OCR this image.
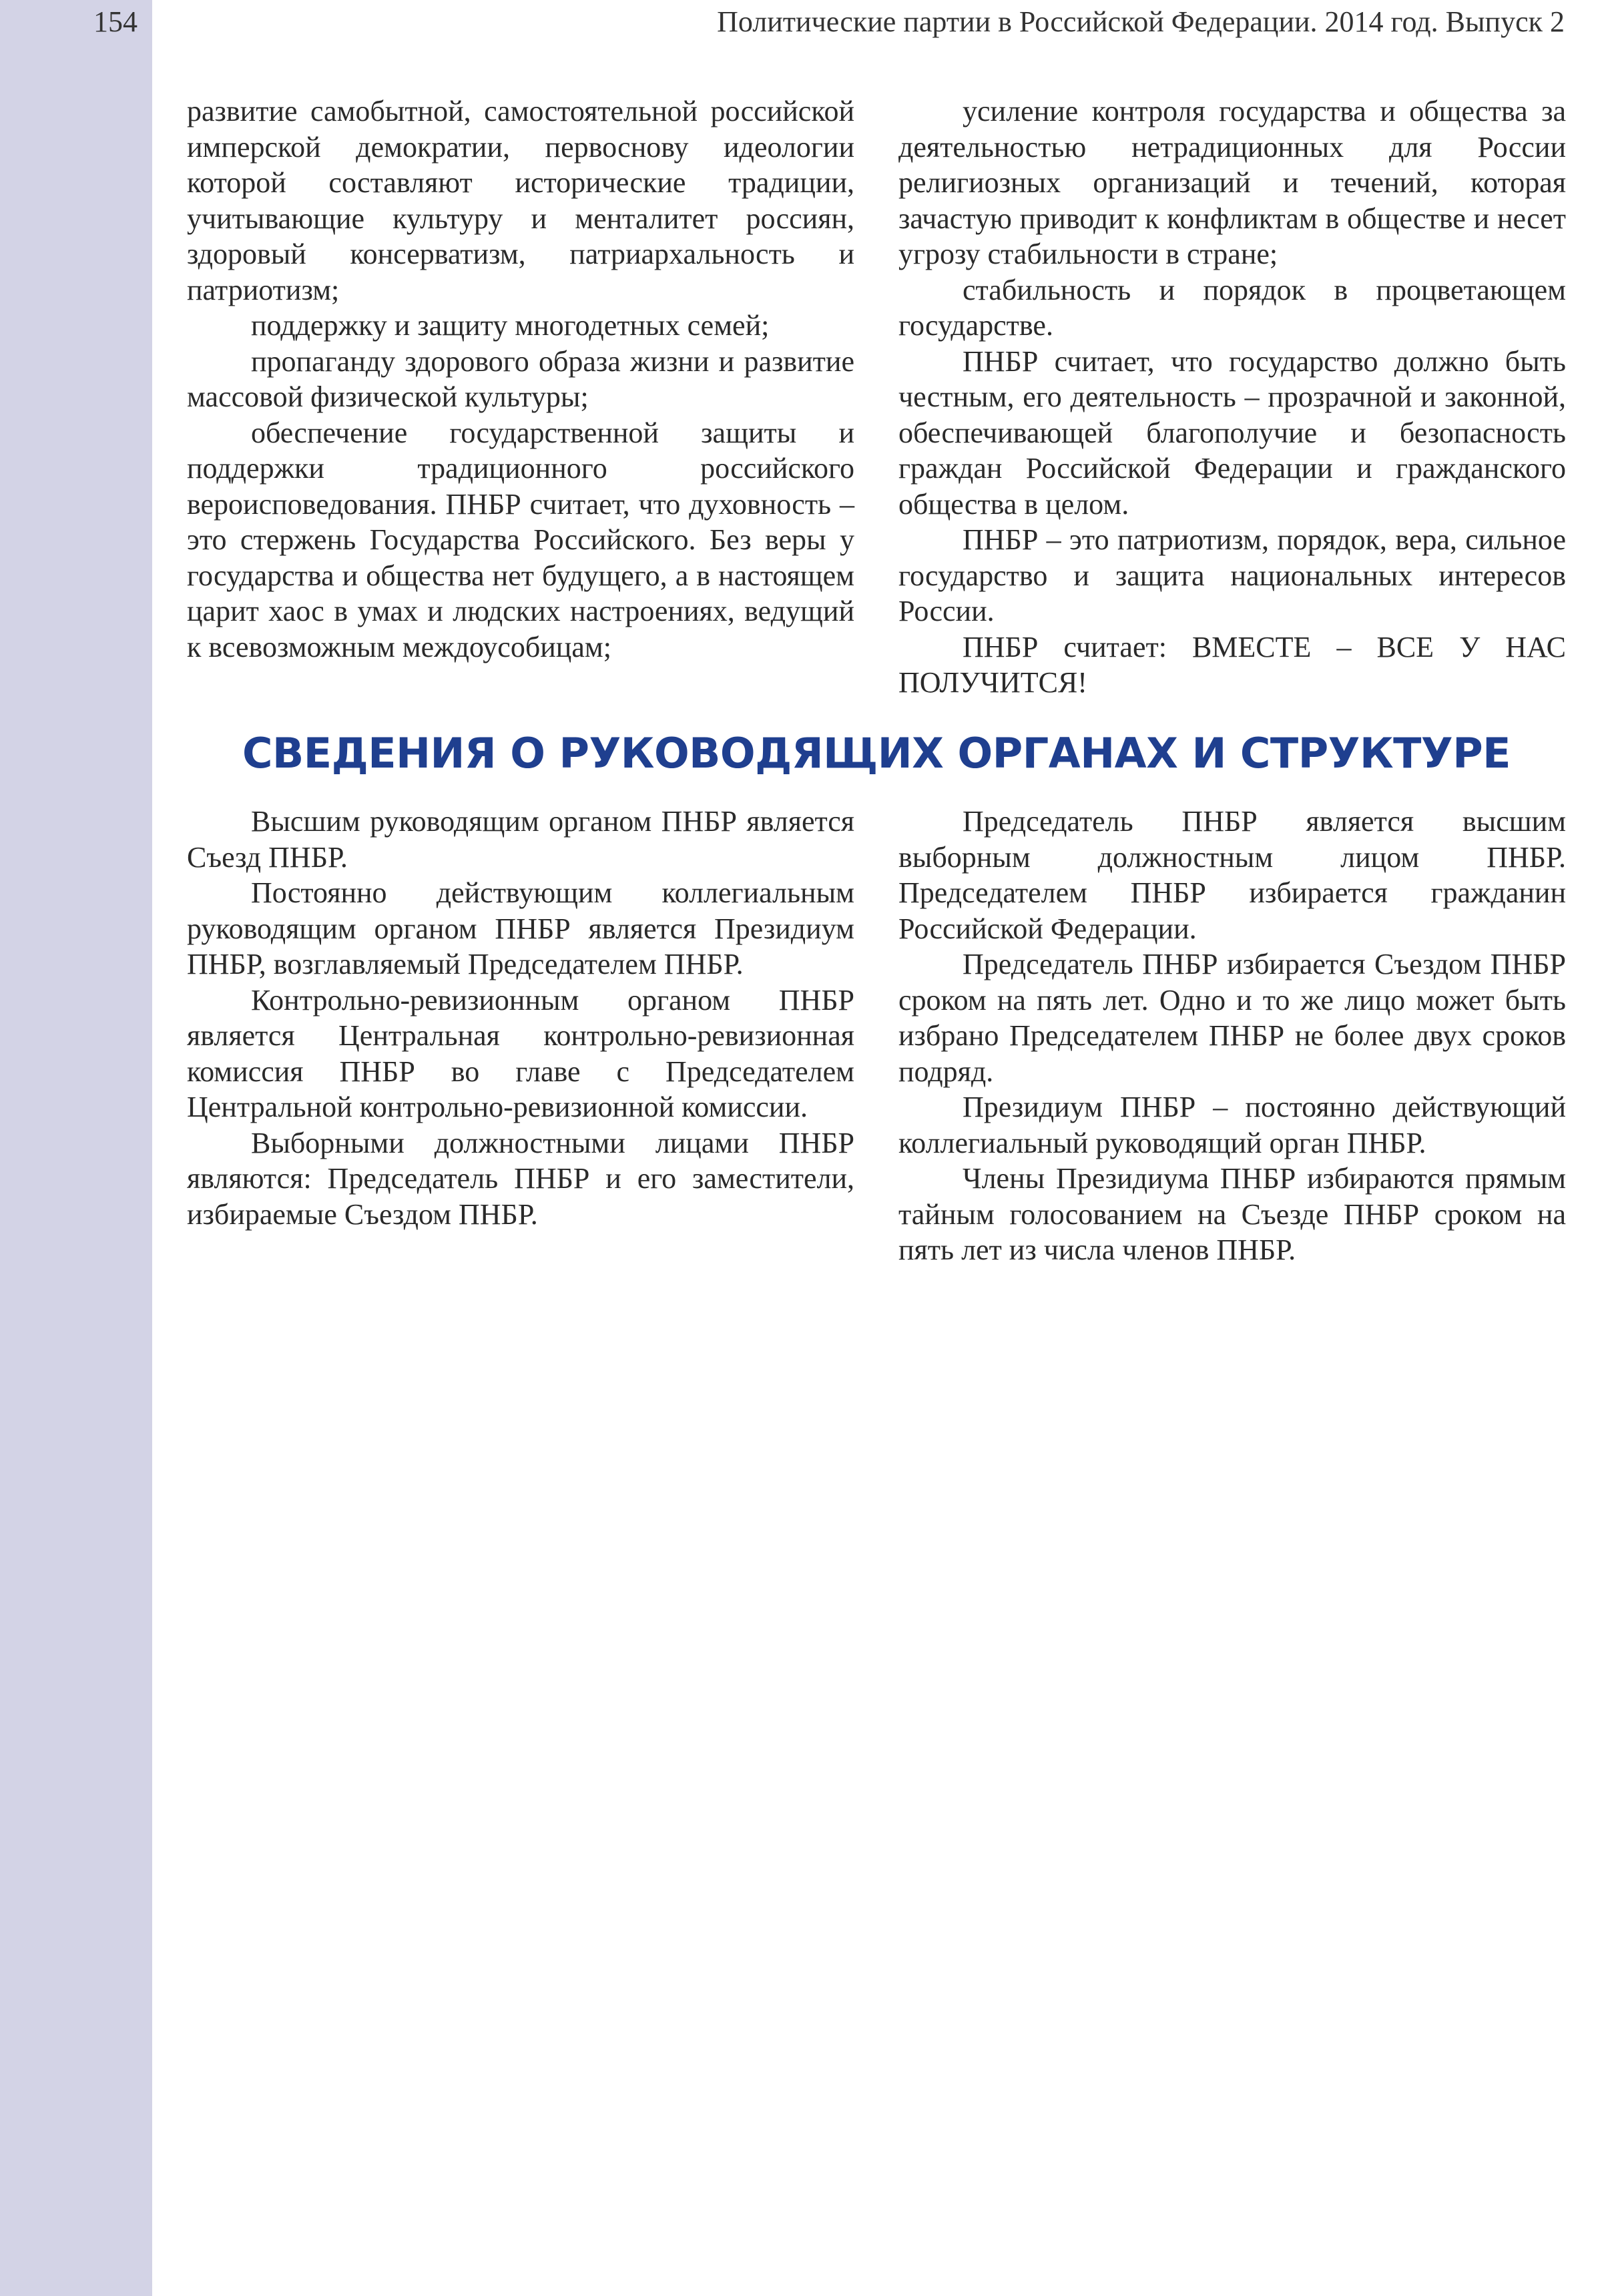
154	Политические партии в Российской Федерации. 2014 год. Выпуск 2

развитие самобытной, самостоятельной российской имперской демократии, первоснову идеологии которой составляют исторические традиции, учитывающие культуру и менталитет россиян, здоровый консерватизм, патриархальность и патриотизм;

поддержку и защиту многодетных семей;

пропаганду здорового образа жизни и развитие массовой физической культуры;

обеспечение государственной защиты и поддержки традиционного российского вероисповедования. ПНБР считает, что духовность – это стержень Государства Российского. Без веры у государства и общества нет будущего, а в настоящем царит хаос в умах и людских настроениях, ведущий к всевозможным междоусобицам;

усиление контроля государства и общества за деятельностью нетрадиционных для России религиозных организаций и течений, которая зачастую приводит к конфликтам в обществе и несет угрозу стабильности в стране;

стабильность и порядок в процветающем государстве.

ПНБР считает, что государство должно быть честным, его деятельность – прозрачной и законной, обеспечивающей благополучие и безопасность граждан Российской Федерации и гражданского общества в целом.

ПНБР – это патриотизм, порядок, вера, сильное государство и защита национальных интересов России.

ПНБР считает: ВМЕСТЕ – ВСЕ У НАС ПОЛУЧИТСЯ!

СВЕДЕНИЯ О РУКОВОДЯЩИХ ОРГАНАХ И СТРУКТУРЕ

Высшим руководящим органом ПНБР является Съезд ПНБР.

Постоянно действующим коллегиальным руководящим органом ПНБР является Президиум ПНБР, возглавляемый Председателем ПНБР.

Контрольно-ревизионным органом ПНБР является Центральная контрольно-ревизионная комиссия ПНБР во главе с Председателем Центральной контрольно-ревизионной комиссии.

Выборными должностными лицами ПНБР являются: Председатель ПНБР и его заместители, избираемые Съездом ПНБР.

Председатель ПНБР является высшим выборным должностным лицом ПНБР. Председателем ПНБР избирается гражданин Российской Федерации.

Председатель ПНБР избирается Съездом ПНБР сроком на пять лет. Одно и то же лицо может быть избрано Председателем ПНБР не более двух сроков подряд.

Президиум ПНБР – постоянно действующий коллегиальный руководящий орган ПНБР.

Члены Президиума ПНБР избираются прямым тайным голосованием на Съезде ПНБР сроком на пять лет из числа членов ПНБР.
